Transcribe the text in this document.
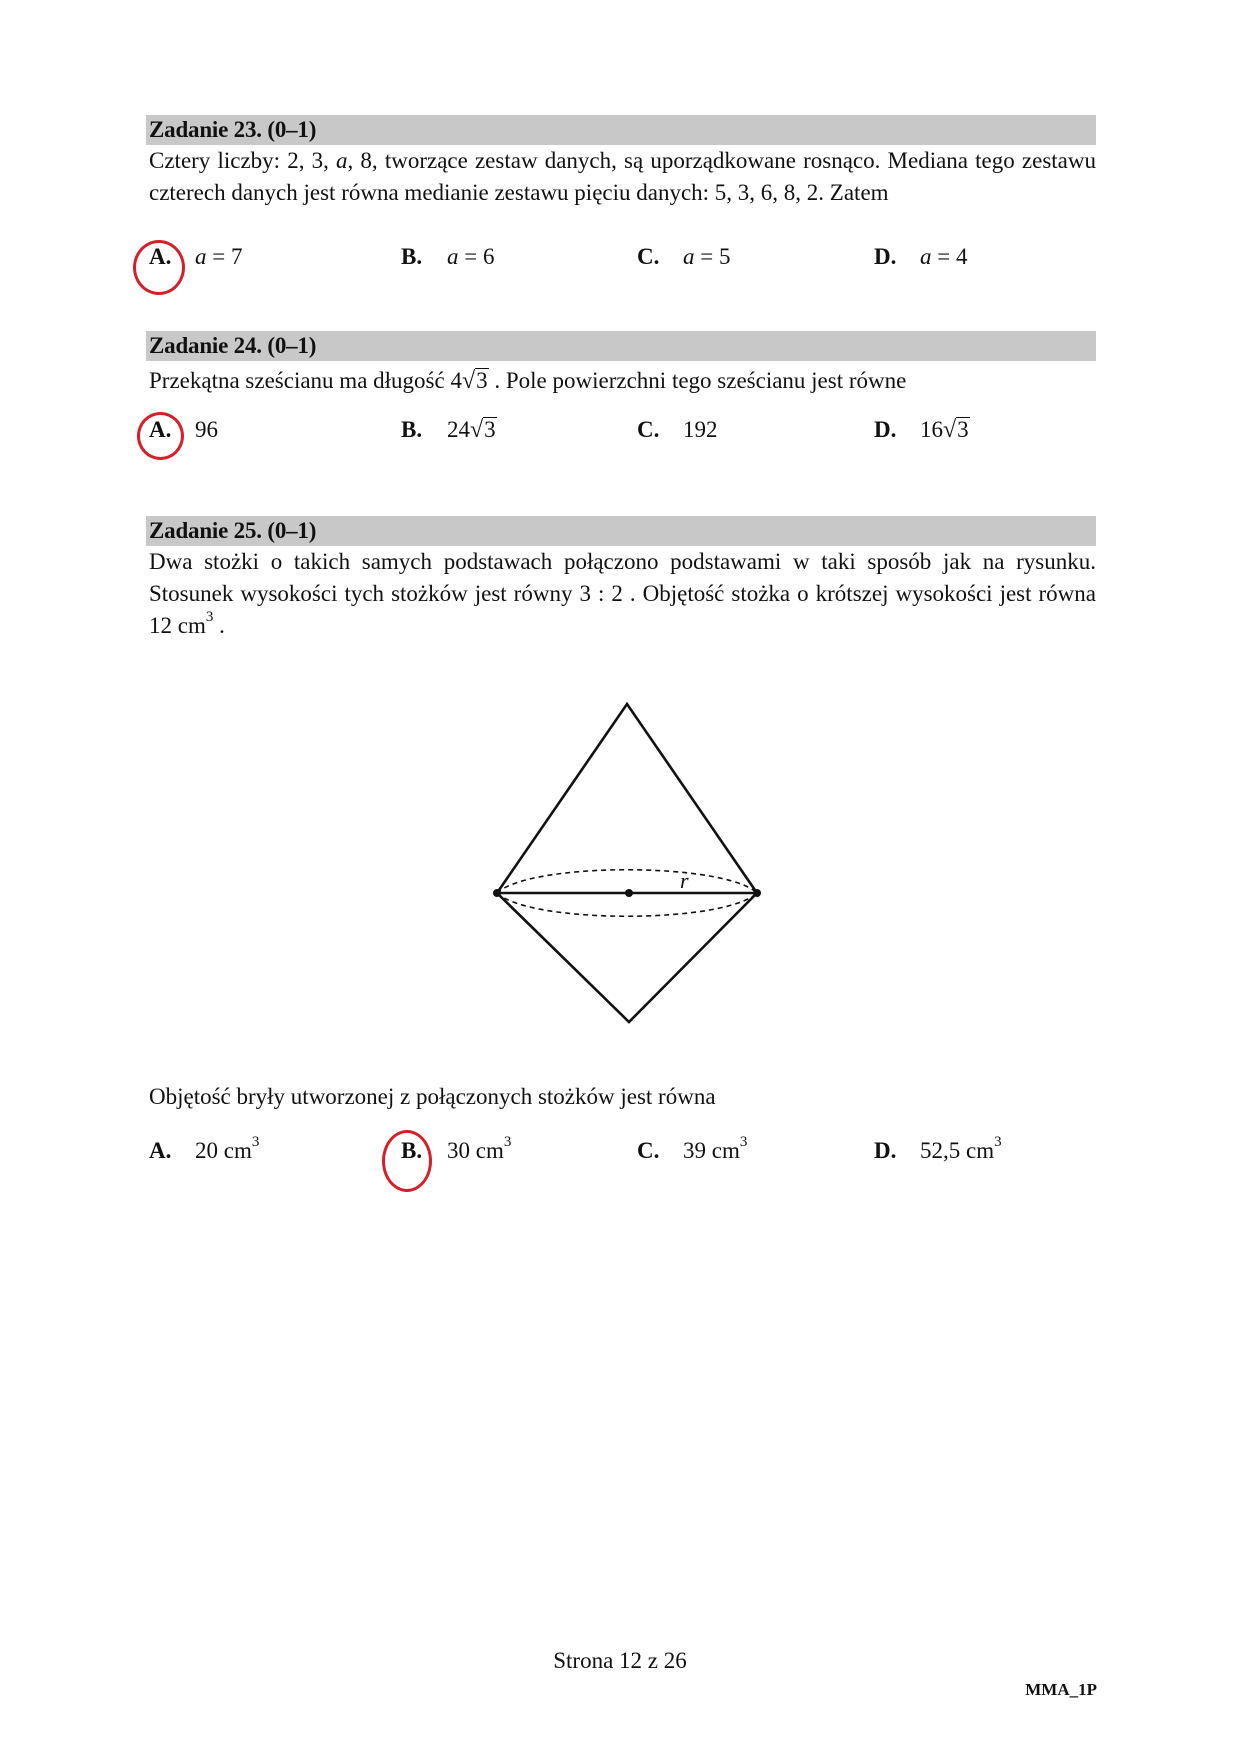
Zadanie 23. (0–1)
Cztery liczby: 2, 3, a, 8, tworzące zestaw danych, są uporządkowane rosnąco. Mediana tego zestawu czterech danych jest równa medianie zestawu pięciu danych: 5, 3, 6, 8, 2. Zatem
A. a = 7	B. a = 6	C. a = 5	D. a = 4
Zadanie 24. (0–1)
Przekątna sześcianu ma długość 4√3 . Pole powierzchni tego sześcianu jest równe
A. 96	B. 24√3	C. 192	D. 16√3
Zadanie 25. (0–1)
Dwa stożki o takich samych podstawach połączono podstawami w taki sposób jak na rysunku. Stosunek wysokości tych stożków jest równy 3 : 2 . Objętość stożka o krótszej wysokości jest równa 12 $cm^3$ .
r
Objętość bryły utworzonej z połączonych stożków jest równa
A. 20 $cm^3$	B. 30 $cm^3$	C. 39 $cm^3$	D. 52,5 $cm^3$
Strona 12 z 26
MMA_1P
